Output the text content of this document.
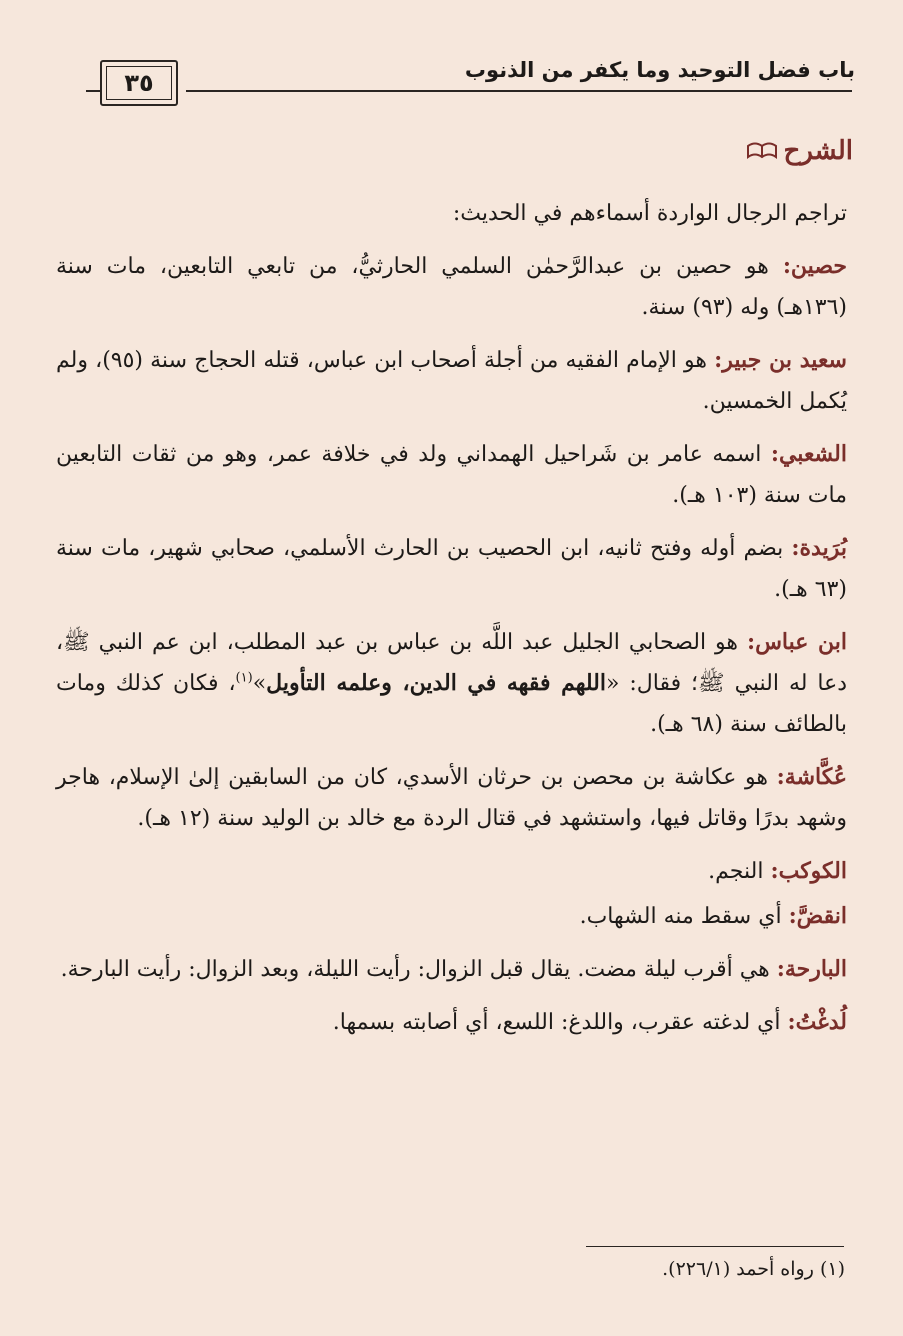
٣٥	باب فضل التوحيد وما يكفر من الذنوب
الشرح

تراجم الرجال الواردة أسماءهم في الحديث:

حصين: هو حصين بن عبدالرَّحمٰن السلمي الحارثيُّ، من تابعي التابعين، مات سنة (١٣٦هـ) وله (٩٣) سنة.

سعيد بن جبير: هو الإمام الفقيه من أجلة أصحاب ابن عباس، قتله الحجاج سنة (٩٥)، ولم يُكمل الخمسين.

الشعبي: اسمه عامر بن شَراحيل الهمداني ولد في خلافة عمر، وهو من ثقات التابعين مات سنة (١٠٣ هـ).

بُرَيدة: بضم أوله وفتح ثانيه، ابن الحصيب بن الحارث الأسلمي، صحابي شهير، مات سنة (٦٣ هـ).

ابن عباس: هو الصحابي الجليل عبد اللَّه بن عباس بن عبد المطلب، ابن عم النبي ﷺ، دعا له النبي ﷺ؛ فقال: «اللهم فقهه في الدين، وعلمه التأويل»$^{(١)}$، فكان كذلك ومات بالطائف سنة (٦٨ هـ).

عُكَّاشة: هو عكاشة بن محصن بن حرثان الأسدي، كان من السابقين إلىٰ الإسلام، هاجر وشهد بدرًا وقاتل فيها، واستشهد في قتال الردة مع خالد بن الوليد سنة (١٢ هـ).

الكوكب: النجم.

انقضَّ: أي سقط منه الشهاب.

البارحة: هي أقرب ليلة مضت. يقال قبل الزوال: رأيت الليلة، وبعد الزوال: رأيت البارحة.

لُدغْتُ: أي لدغته عقرب، واللدغ: اللسع، أي أصابته بسمها.

(١) رواه أحمد (٢٢٦/١).
